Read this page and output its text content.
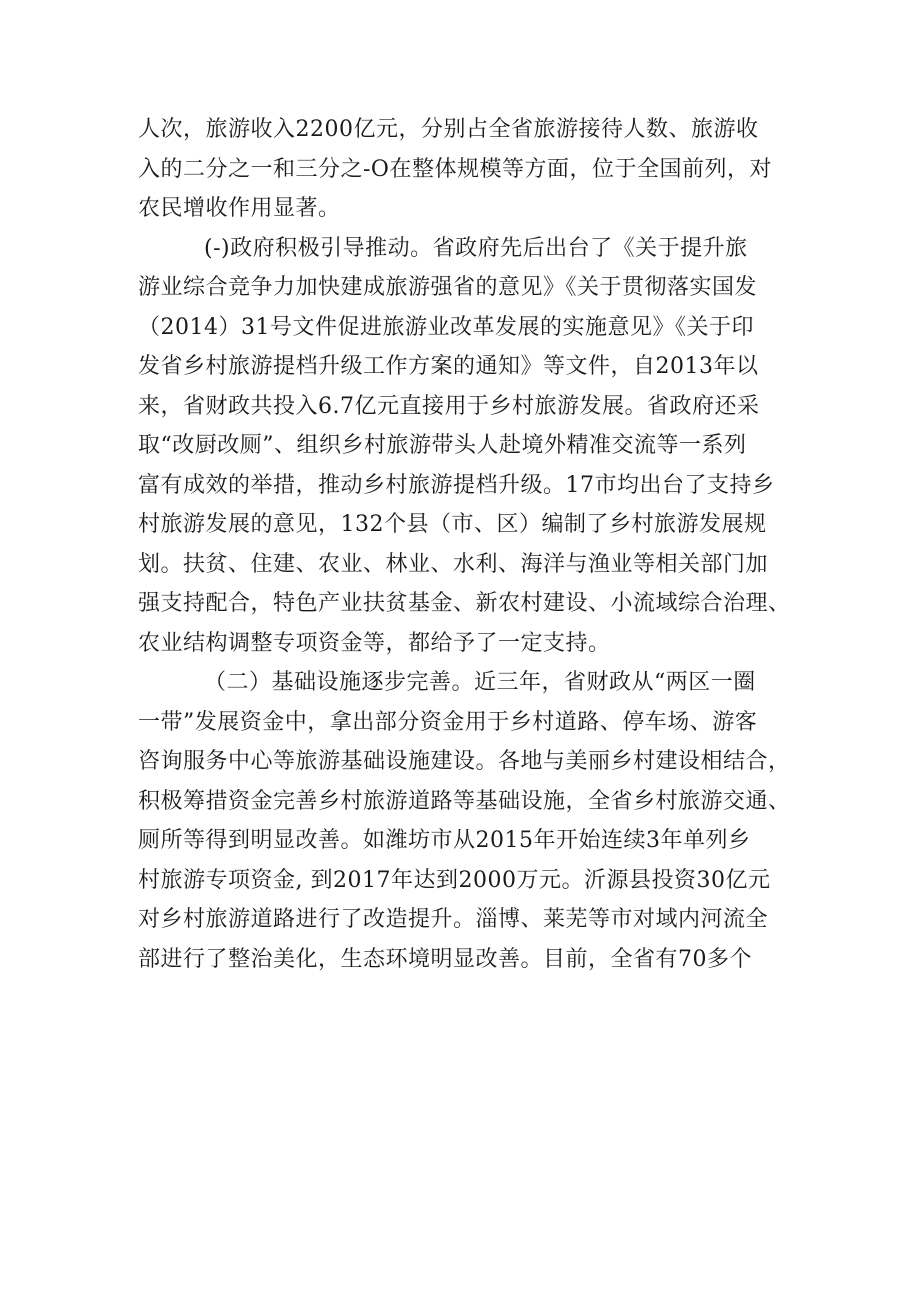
人次，旅游收入2200亿元，分别占全省旅游接待人数、旅游收
入的二分之一和三分之-O在整体规模等方面，位于全国前列，对
农民增收作用显著。
(-)政府积极引导推动。省政府先后出台了《关于提升旅
游业综合竞争力加快建成旅游强省的意见》《关于贯彻落实国发
（2014）31号文件促进旅游业改革发展的实施意见》《关于印
发省乡村旅游提档升级工作方案的通知》等文件，自2013年以
来，省财政共投入6.7亿元直接用于乡村旅游发展。省政府还采
取“改厨改厕”、组织乡村旅游带头人赴境外精准交流等一系列
富有成效的举措，推动乡村旅游提档升级。17市均出台了支持乡
村旅游发展的意见，132个县（市、区）编制了乡村旅游发展规
划。扶贫、住建、农业、林业、水利、海洋与渔业等相关部门加
强支持配合，特色产业扶贫基金、新农村建设、小流域综合治理、
农业结构调整专项资金等，都给予了一定支持。
（二）基础设施逐步完善。近三年，省财政从“两区一圈
一带”发展资金中，拿出部分资金用于乡村道路、停车场、游客
咨询服务中心等旅游基础设施建设。各地与美丽乡村建设相结合，
积极筹措资金完善乡村旅游道路等基础设施，全省乡村旅游交通、
厕所等得到明显改善。如潍坊市从2015年开始连续3年单列乡
村旅游专项资金, 到2017年达到2000万元。沂源县投资30亿元
对乡村旅游道路进行了改造提升。淄博、莱芜等市对域内河流全
部进行了整治美化，生态环境明显改善。目前，全省有70多个
